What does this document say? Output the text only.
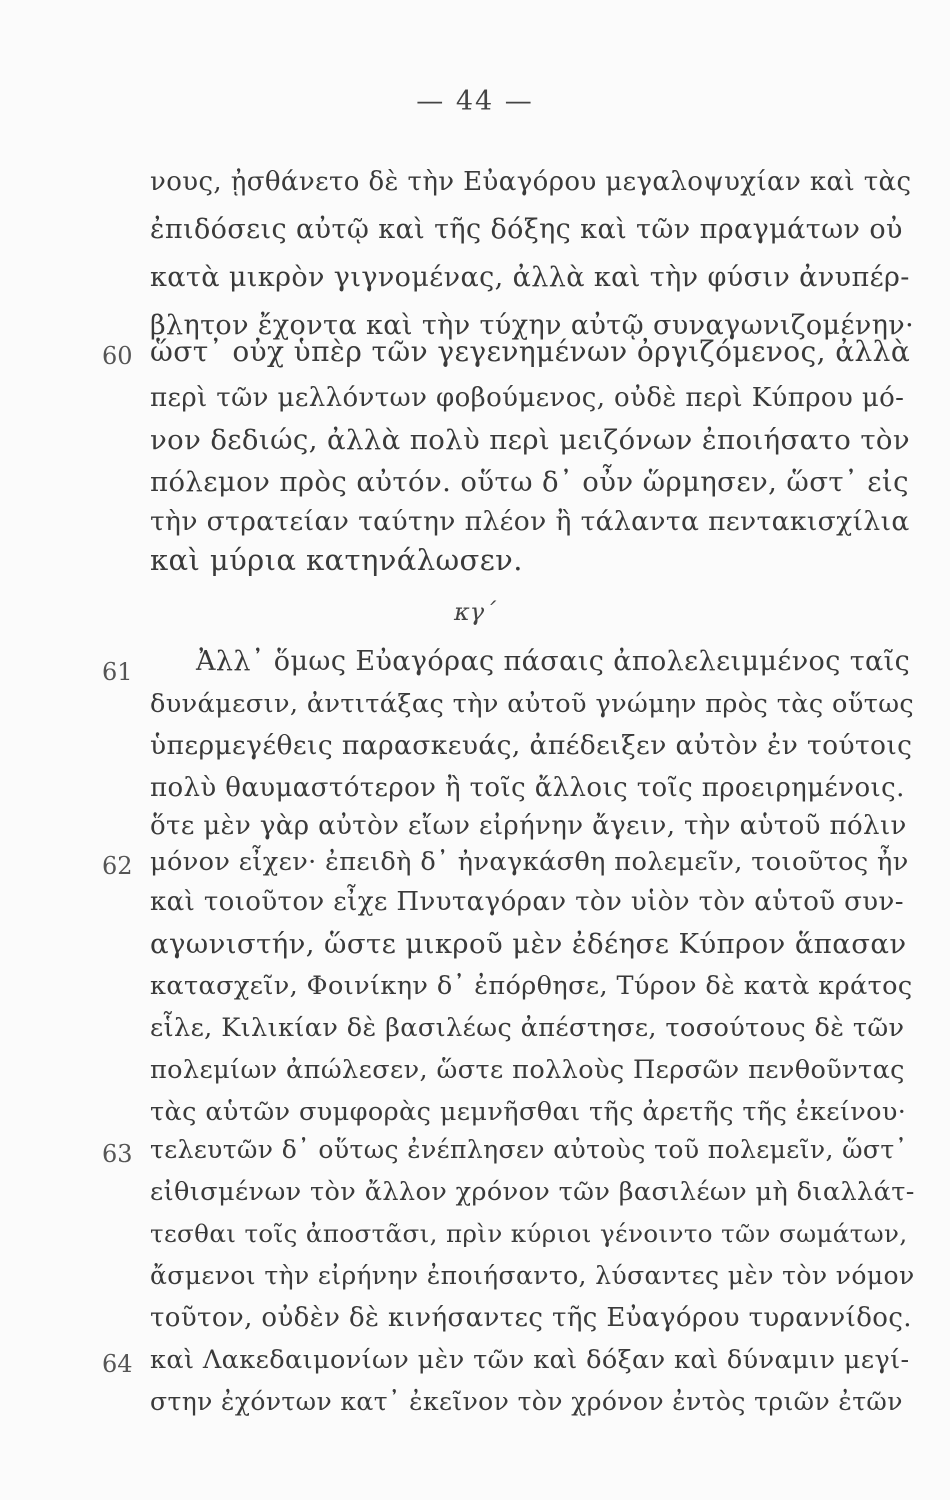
— 44 —
νους, ᾐσθάνετο δὲ τὴν Εὐαγόρου μεγαλοψυχίαν καὶ τὰς
ἐπιδόσεις αὐτῷ καὶ τῆς δόξης καὶ τῶν πραγμάτων οὐ
κατὰ μικρὸν γιγνομένας, ἀλλὰ καὶ τὴν φύσιν ἀνυπέρ-
βλητον ἔχοντα καὶ τὴν τύχην αὐτῷ συναγωνιζομένην·
60 ὥστ᾽ οὐχ ὑπὲρ τῶν γεγενημένων ὀργιζόμενος, ἀλλὰ
περὶ τῶν μελλόντων φοβούμενος, οὐδὲ περὶ Κύπρου μό-
νον δεδιώς, ἀλλὰ πολὺ περὶ μειζόνων ἐποιήσατο τὸν
πόλεμον πρὸς αὐτόν. οὕτω δ᾽ οὖν ὥρμησεν, ὥστ᾽ εἰς
τὴν στρατείαν ταύτην πλέον ἢ τάλαντα πεντακισχίλια
καὶ μύρια κατηνάλωσεν.
κγ΄
61 Ἀλλ᾽ ὅμως Εὐαγόρας πάσαις ἀπολελειμμένος ταῖς
δυνάμεσιν, ἀντιτάξας τὴν αὐτοῦ γνώμην πρὸς τὰς οὕτως
ὑπερμεγέθεις παρασκευάς, ἀπέδειξεν αὐτὸν ἐν τούτοις
πολὺ θαυμαστότερον ἢ τοῖς ἄλλοις τοῖς προειρημένοις.
ὅτε μὲν γὰρ αὐτὸν εἴων εἰρήνην ἄγειν, τὴν αὑτοῦ πόλιν
62 μόνον εἶχεν· ἐπειδὴ δ᾽ ἠναγκάσθη πολεμεῖν, τοιοῦτος ἦν
καὶ τοιοῦτον εἶχε Πνυταγόραν τὸν υἱὸν τὸν αὑτοῦ συν-
αγωνιστήν, ὥστε μικροῦ μὲν ἐδέησε Κύπρον ἅπασαν
κατασχεῖν, Φοινίκην δ᾽ ἐπόρθησε, Τύρον δὲ κατὰ κράτος
εἷλε, Κιλικίαν δὲ βασιλέως ἀπέστησε, τοσούτους δὲ τῶν
πολεμίων ἀπώλεσεν, ὥστε πολλοὺς Περσῶν πενθοῦντας
τὰς αὑτῶν συμφορὰς μεμνῆσθαι τῆς ἀρετῆς τῆς ἐκείνου·
63 τελευτῶν δ᾽ οὕτως ἐνέπλησεν αὐτοὺς τοῦ πολεμεῖν, ὥστ᾽
εἰθισμένων τὸν ἄλλον χρόνον τῶν βασιλέων μὴ διαλλάτ-
τεσθαι τοῖς ἀποστᾶσι, πρὶν κύριοι γένοιντο τῶν σωμάτων,
ἄσμενοι τὴν εἰρήνην ἐποιήσαντο, λύσαντες μὲν τὸν νόμον
τοῦτον, οὐδὲν δὲ κινήσαντες τῆς Εὐαγόρου τυραννίδος.
64 καὶ Λακεδαιμονίων μὲν τῶν καὶ δόξαν καὶ δύναμιν μεγί-
στην ἐχόντων κατ᾽ ἐκεῖνον τὸν χρόνον ἐντὸς τριῶν ἐτῶν
